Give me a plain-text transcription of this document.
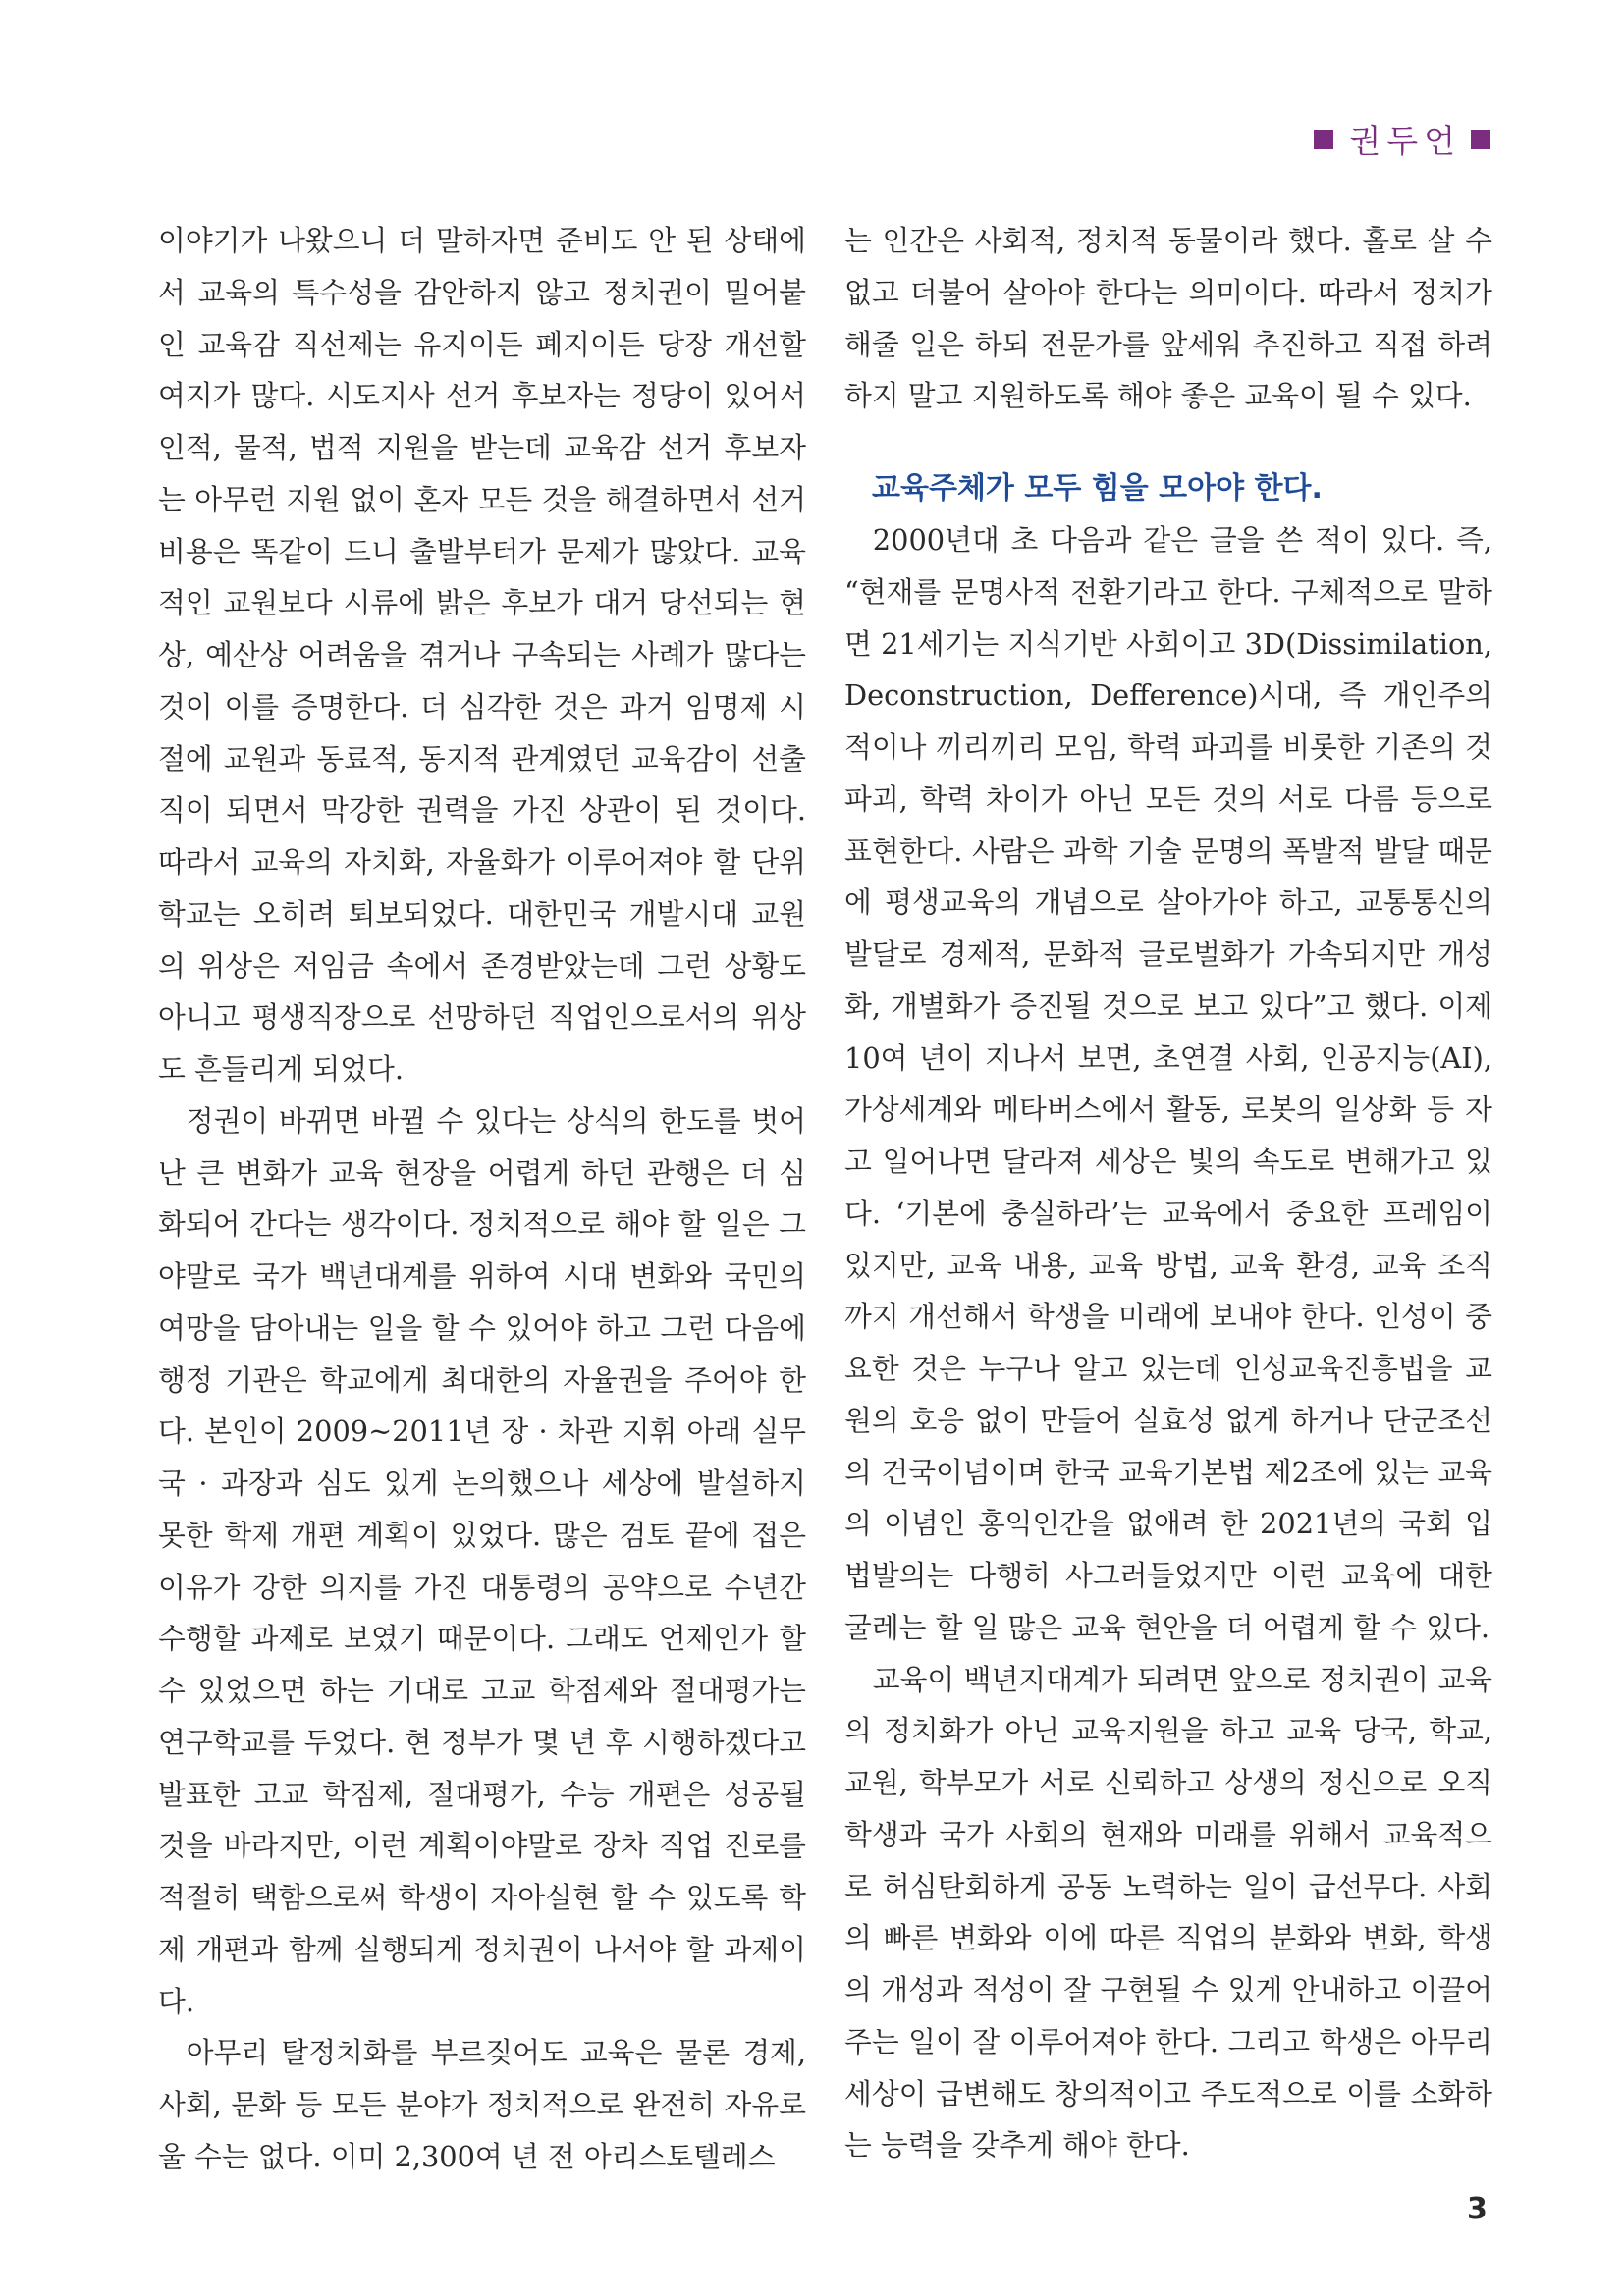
권두언

이야기가 나왔으니 더 말하자면 준비도 안 된 상태에서 교육의 특수성을 감안하지 않고 정치권이 밀어붙인 교육감 직선제는 유지이든 폐지이든 당장 개선할 여지가 많다. 시도지사 선거 후보자는 정당이 있어서 인적, 물적, 법적 지원을 받는데 교육감 선거 후보자는 아무런 지원 없이 혼자 모든 것을 해결하면서 선거 비용은 똑같이 드니 출발부터가 문제가 많았다. 교육적인 교원보다 시류에 밝은 후보가 대거 당선되는 현상, 예산상 어려움을 겪거나 구속되는 사례가 많다는 것이 이를 증명한다. 더 심각한 것은 과거 임명제 시절에 교원과 동료적, 동지적 관계였던 교육감이 선출직이 되면서 막강한 권력을 가진 상관이 된 것이다. 따라서 교육의 자치화, 자율화가 이루어져야 할 단위 학교는 오히려 퇴보되었다. 대한민국 개발시대 교원의 위상은 저임금 속에서 존경받았는데 그런 상황도 아니고 평생직장으로 선망하던 직업인으로서의 위상도 흔들리게 되었다.

정권이 바뀌면 바뀔 수 있다는 상식의 한도를 벗어난 큰 변화가 교육 현장을 어렵게 하던 관행은 더 심화되어 간다는 생각이다. 정치적으로 해야 할 일은 그야말로 국가 백년대계를 위하여 시대 변화와 국민의 여망을 담아내는 일을 할 수 있어야 하고 그런 다음에 행정 기관은 학교에게 최대한의 자율권을 주어야 한다. 본인이 2009~2011년 장 · 차관 지휘 아래 실무 국 · 과장과 심도 있게 논의했으나 세상에 발설하지 못한 학제 개편 계획이 있었다. 많은 검토 끝에 접은 이유가 강한 의지를 가진 대통령의 공약으로 수년간 수행할 과제로 보였기 때문이다. 그래도 언제인가 할 수 있었으면 하는 기대로 고교 학점제와 절대평가는 연구학교를 두었다. 현 정부가 몇 년 후 시행하겠다고 발표한 고교 학점제, 절대평가, 수능 개편은 성공될 것을 바라지만, 이런 계획이야말로 장차 직업 진로를 적절히 택함으로써 학생이 자아실현 할 수 있도록 학제 개편과 함께 실행되게 정치권이 나서야 할 과제이다.

아무리 탈정치화를 부르짖어도 교육은 물론 경제, 사회, 문화 등 모든 분야가 정치적으로 완전히 자유로울 수는 없다. 이미 2,300여 년 전 아리스토텔레스

는 인간은 사회적, 정치적 동물이라 했다. 홀로 살 수 없고 더불어 살아야 한다는 의미이다. 따라서 정치가 해줄 일은 하되 전문가를 앞세워 추진하고 직접 하려 하지 말고 지원하도록 해야 좋은 교육이 될 수 있다.

교육주체가 모두 힘을 모아야 한다.

2000년대 초 다음과 같은 글을 쓴 적이 있다. 즉, “현재를 문명사적 전환기라고 한다. 구체적으로 말하면 21세기는 지식기반 사회이고 3D(Dissimilation, Deconstruction, Defference)시대, 즉 개인주의적이나 끼리끼리 모임, 학력 파괴를 비롯한 기존의 것 파괴, 학력 차이가 아닌 모든 것의 서로 다름 등으로 표현한다. 사람은 과학 기술 문명의 폭발적 발달 때문에 평생교육의 개념으로 살아가야 하고, 교통통신의 발달로 경제적, 문화적 글로벌화가 가속되지만 개성화, 개별화가 증진될 것으로 보고 있다”고 했다. 이제 10여 년이 지나서 보면, 초연결 사회, 인공지능(AI), 가상세계와 메타버스에서 활동, 로봇의 일상화 등 자고 일어나면 달라져 세상은 빛의 속도로 변해가고 있다. ‘기본에 충실하라’는 교육에서 중요한 프레임이 있지만, 교육 내용, 교육 방법, 교육 환경, 교육 조직까지 개선해서 학생을 미래에 보내야 한다. 인성이 중요한 것은 누구나 알고 있는데 인성교육진흥법을 교원의 호응 없이 만들어 실효성 없게 하거나 단군조선의 건국이념이며 한국 교육기본법 제2조에 있는 교육의 이념인 홍익인간을 없애려 한 2021년의 국회 입법발의는 다행히 사그러들었지만 이런 교육에 대한 굴레는 할 일 많은 교육 현안을 더 어렵게 할 수 있다.

교육이 백년지대계가 되려면 앞으로 정치권이 교육의 정치화가 아닌 교육지원을 하고 교육 당국, 학교, 교원, 학부모가 서로 신뢰하고 상생의 정신으로 오직 학생과 국가 사회의 현재와 미래를 위해서 교육적으로 허심탄회하게 공동 노력하는 일이 급선무다. 사회의 빠른 변화와 이에 따른 직업의 분화와 변화, 학생의 개성과 적성이 잘 구현될 수 있게 안내하고 이끌어 주는 일이 잘 이루어져야 한다. 그리고 학생은 아무리 세상이 급변해도 창의적이고 주도적으로 이를 소화하는 능력을 갖추게 해야 한다.

3
